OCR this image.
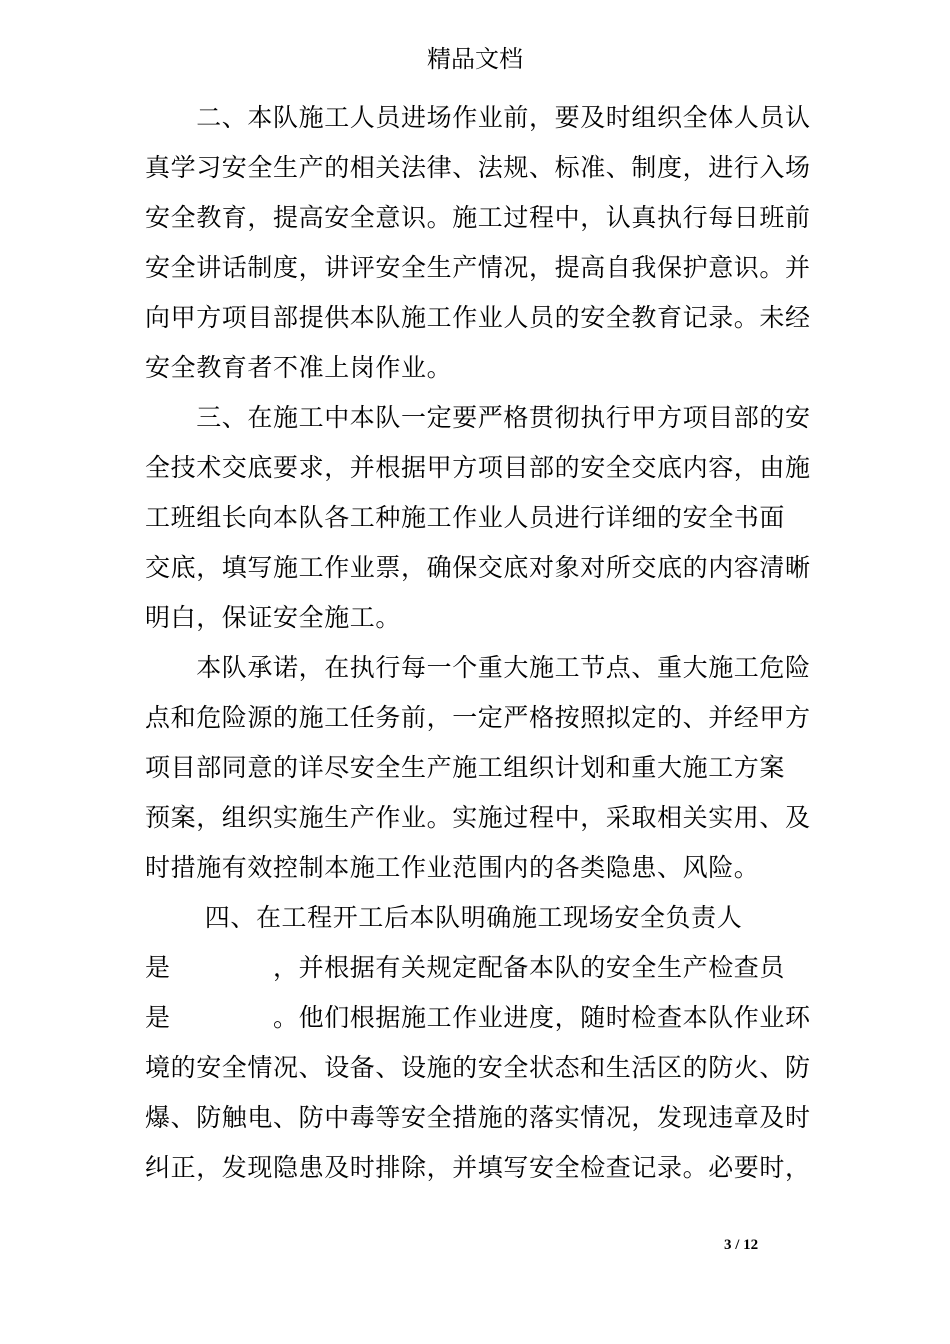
精品文档
　　二、本队施工人员进场作业前，要及时组织全体人员认
真学习安全生产的相关法律、法规、标准、制度，进行入场
安全教育，提高安全意识。施工过程中，认真执行每日班前
安全讲话制度，讲评安全生产情况，提高自我保护意识。并
向甲方项目部提供本队施工作业人员的安全教育记录。未经
安全教育者不准上岗作业。
　　三、在施工中本队一定要严格贯彻执行甲方项目部的安
全技术交底要求，并根据甲方项目部的安全交底内容，由施
工班组长向本队各工种施工作业人员进行详细的安全书面
交底，填写施工作业票，确保交底对象对所交底的内容清晰
明白，保证安全施工。
　　本队承诺，在执行每一个重大施工节点、重大施工危险
点和危险源的施工任务前，一定严格按照拟定的、并经甲方
项目部同意的详尽安全生产施工组织计划和重大施工方案
预案，组织实施生产作业。实施过程中，采取相关实用、及
时措施有效控制本施工作业范围内的各类隐患、风险。
　　 四、在工程开工后本队明确施工现场安全负责人
是　　　　，并根据有关规定配备本队的安全生产检查员
是　　　　。他们根据施工作业进度，随时检查本队作业环
境的安全情况、设备、设施的安全状态和生活区的防火、防
爆、防触电、防中毒等安全措施的落实情况，发现违章及时
纠正，发现隐患及时排除，并填写安全检查记录。必要时，
3 / 12
